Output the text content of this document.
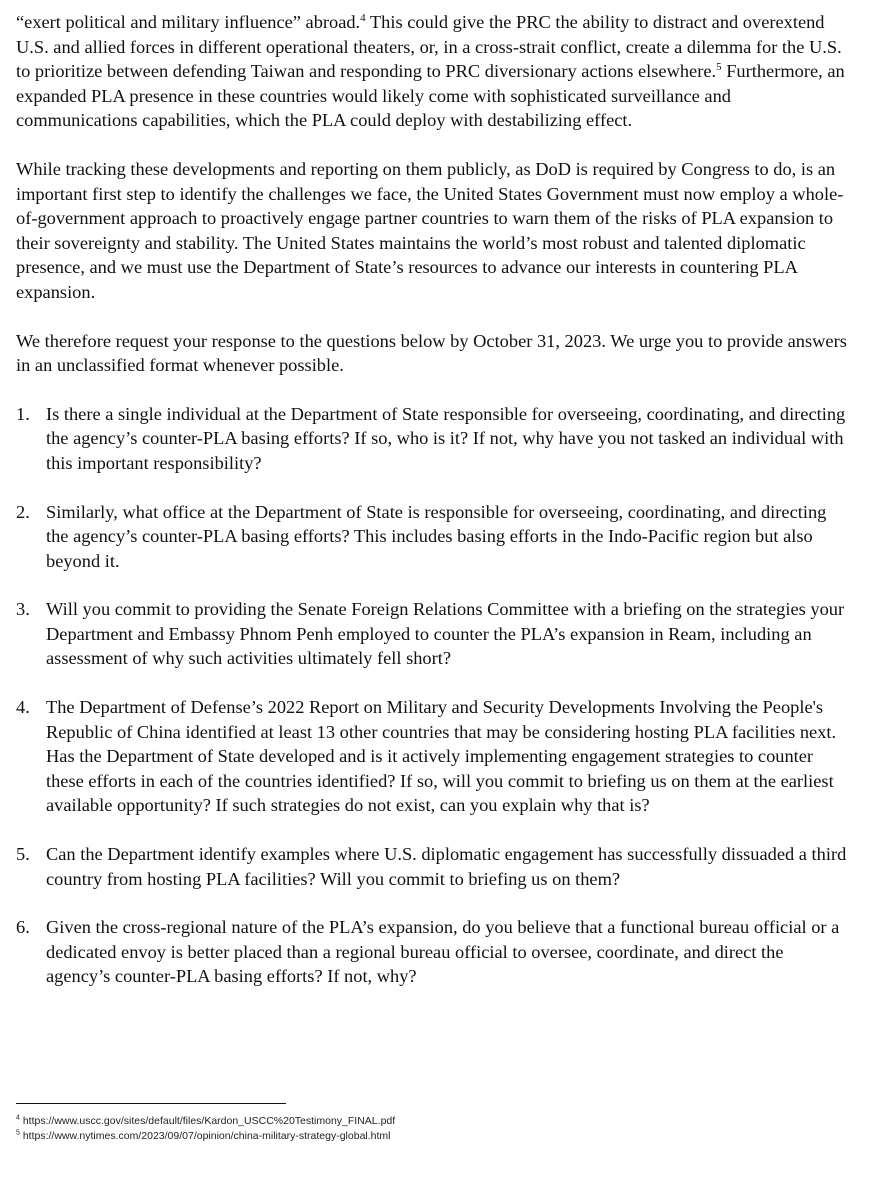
“exert political and military influence” abroad.$^4$ This could give the PRC the ability to distract and overextend U.S. and allied forces in different operational theaters, or, in a cross-strait conflict, create a dilemma for the U.S. to prioritize between defending Taiwan and responding to PRC diversionary actions elsewhere.$^5$ Furthermore, an expanded PLA presence in these countries would likely come with sophisticated surveillance and communications capabilities, which the PLA could deploy with destabilizing effect.

While tracking these developments and reporting on them publicly, as DoD is required by Congress to do, is an important first step to identify the challenges we face, the United States Government must now employ a whole-of-government approach to proactively engage partner countries to warn them of the risks of PLA expansion to their sovereignty and stability. The United States maintains the world’s most robust and talented diplomatic presence, and we must use the Department of State’s resources to advance our interests in countering PLA expansion.

We therefore request your response to the questions below by October 31, 2023. We urge you to provide answers in an unclassified format whenever possible.

1. Is there a single individual at the Department of State responsible for overseeing, coordinating, and directing the agency’s counter-PLA basing efforts? If so, who is it? If not, why have you not tasked an individual with this important responsibility?
2. Similarly, what office at the Department of State is responsible for overseeing, coordinating, and directing the agency’s counter-PLA basing efforts? This includes basing efforts in the Indo-Pacific region but also beyond it.
3. Will you commit to providing the Senate Foreign Relations Committee with a briefing on the strategies your Department and Embassy Phnom Penh employed to counter the PLA’s expansion in Ream, including an assessment of why such activities ultimately fell short?
4. The Department of Defense’s 2022 Report on Military and Security Developments Involving the People's Republic of China identified at least 13 other countries that may be considering hosting PLA facilities next. Has the Department of State developed and is it actively implementing engagement strategies to counter these efforts in each of the countries identified? If so, will you commit to briefing us on them at the earliest available opportunity? If such strategies do not exist, can you explain why that is?
5. Can the Department identify examples where U.S. diplomatic engagement has successfully dissuaded a third country from hosting PLA facilities? Will you commit to briefing us on them?
6. Given the cross-regional nature of the PLA’s expansion, do you believe that a functional bureau official or a dedicated envoy is better placed than a regional bureau official to oversee, coordinate, and direct the agency’s counter-PLA basing efforts? If not, why?
$^4$ https://www.uscc.gov/sites/default/files/Kardon_USCC%20Testimony_FINAL.pdf
$^5$ https://www.nytimes.com/2023/09/07/opinion/china-military-strategy-global.html
